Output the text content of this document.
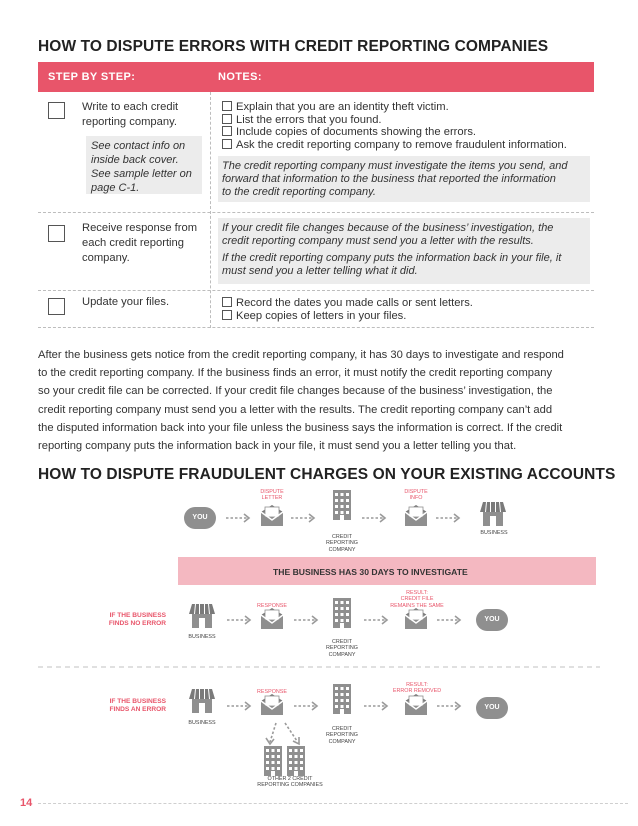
HOW TO DISPUTE ERRORS WITH CREDIT REPORTING COMPANIES
STEP BY STEP:	NOTES:
Write to each credit
reporting company.
See contact info on
inside back cover.
See sample letter on
page C-1.
Explain that you are an identity theft victim.
List the errors that you found.
Include copies of documents showing the errors.
Ask the credit reporting company to remove fraudulent information.
The credit reporting company must investigate the items you send, and
forward that information to the business that reported the information
to the credit reporting company.
Receive response from
each credit reporting
company.
If your credit file changes because of the business’ investigation, the
credit reporting company must send you a letter with the results.
If the credit reporting company puts the information back in your file, it
must send you a letter telling what it did.
Update your files.	Record the dates you made calls or sent letters.
Keep copies of letters in your files.
After the business gets notice from the credit reporting company, it has 30 days to investigate and respond
to the credit reporting company. If the business finds an error, it must notify the credit reporting company
so your credit file can be corrected. If your credit file changes because of the business’ investigation, the
credit reporting company must send you a letter with the results. The credit reporting company can’t add
the disputed information back into your file unless the business says the information is correct. If the credit
reporting company puts the information back in your file, it must send you a letter telling you that.
HOW TO DISPUTE FRAUDULENT CHARGES ON YOUR EXISTING ACCOUNTS
YOU
YOU
YOU
DISPUTE
LETTER
DISPUTE
INFO
CREDIT
REPORTING
COMPANY
BUSINESS
THE BUSINESS HAS 30 DAYS TO INVESTIGATE
IF THE BUSINESS
FINDS NO ERROR
BUSINESS
RESPONSE
CREDIT
REPORTING
COMPANY
RESULT:
CREDIT FILE
REMAINS THE SAME
IF THE BUSINESS
FINDS AN ERROR
BUSINESS
RESPONSE
CREDIT
REPORTING
COMPANY
RESULT:
ERROR REMOVED
OTHER 2 CREDIT
REPORTING COMPANIES
14
